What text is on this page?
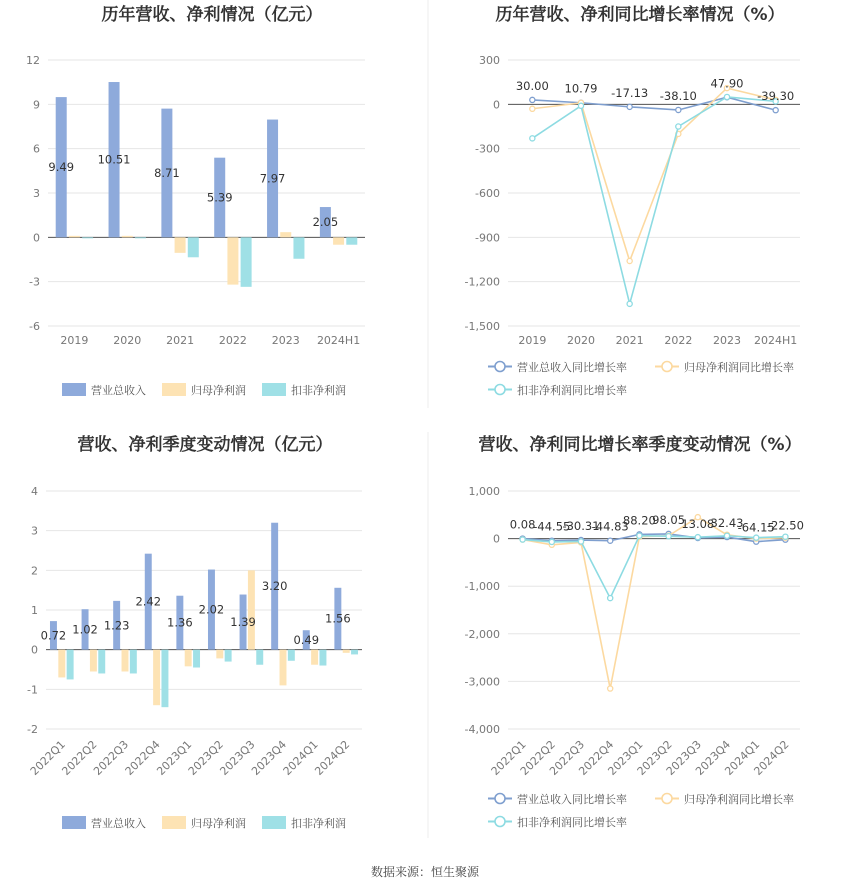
数据来源：恒生聚源
历年营收、净利情况（亿元）
-6
-3
0
3
6
9
12
2019 2020 2021 2022 2023 2024H1
9.49
10.51
8.71
5.39
7.97
2.05
营业总收入	归母净利润	扣非净利润
历年营收、净利同比增长率情况（%）
-1,500
-1,200
-900
-600
-300
0
300
2019 2020 2021 2022 2023 2024H1
30.00 10.79 -17.13 -38.10
47.90
-39.30
营业总收入同比增长率	归母净利润同比增长率
扣非净利润同比增长率
营收、净利季度变动情况（亿元）
-2
-1
0
1
2
3
4
2022Q1
2022Q2
2022Q3
2022Q4
2023Q1
2023Q2
2023Q3
2023Q4
2024Q1
2024Q2
0.72 1.02 1.23
2.42
1.36
2.02
1.39
3.20
0.49
1.56
营业总收入	归母净利润	扣非净利润
营收、净利同比增长率季度变动情况（%）
-4,000
-3,000
-2,000
-1,000
0
1,000
2022Q1
2022Q2
2022Q3
2022Q4
2023Q1
2023Q2
2023Q3
2023Q4
2024Q1
2024Q2
0.08
-44.55
-30.31
-44.83
88.20
98.05
13.08
32.43
-64.15
-22.50
营业总收入同比增长率	归母净利润同比增长率
扣非净利润同比增长率
